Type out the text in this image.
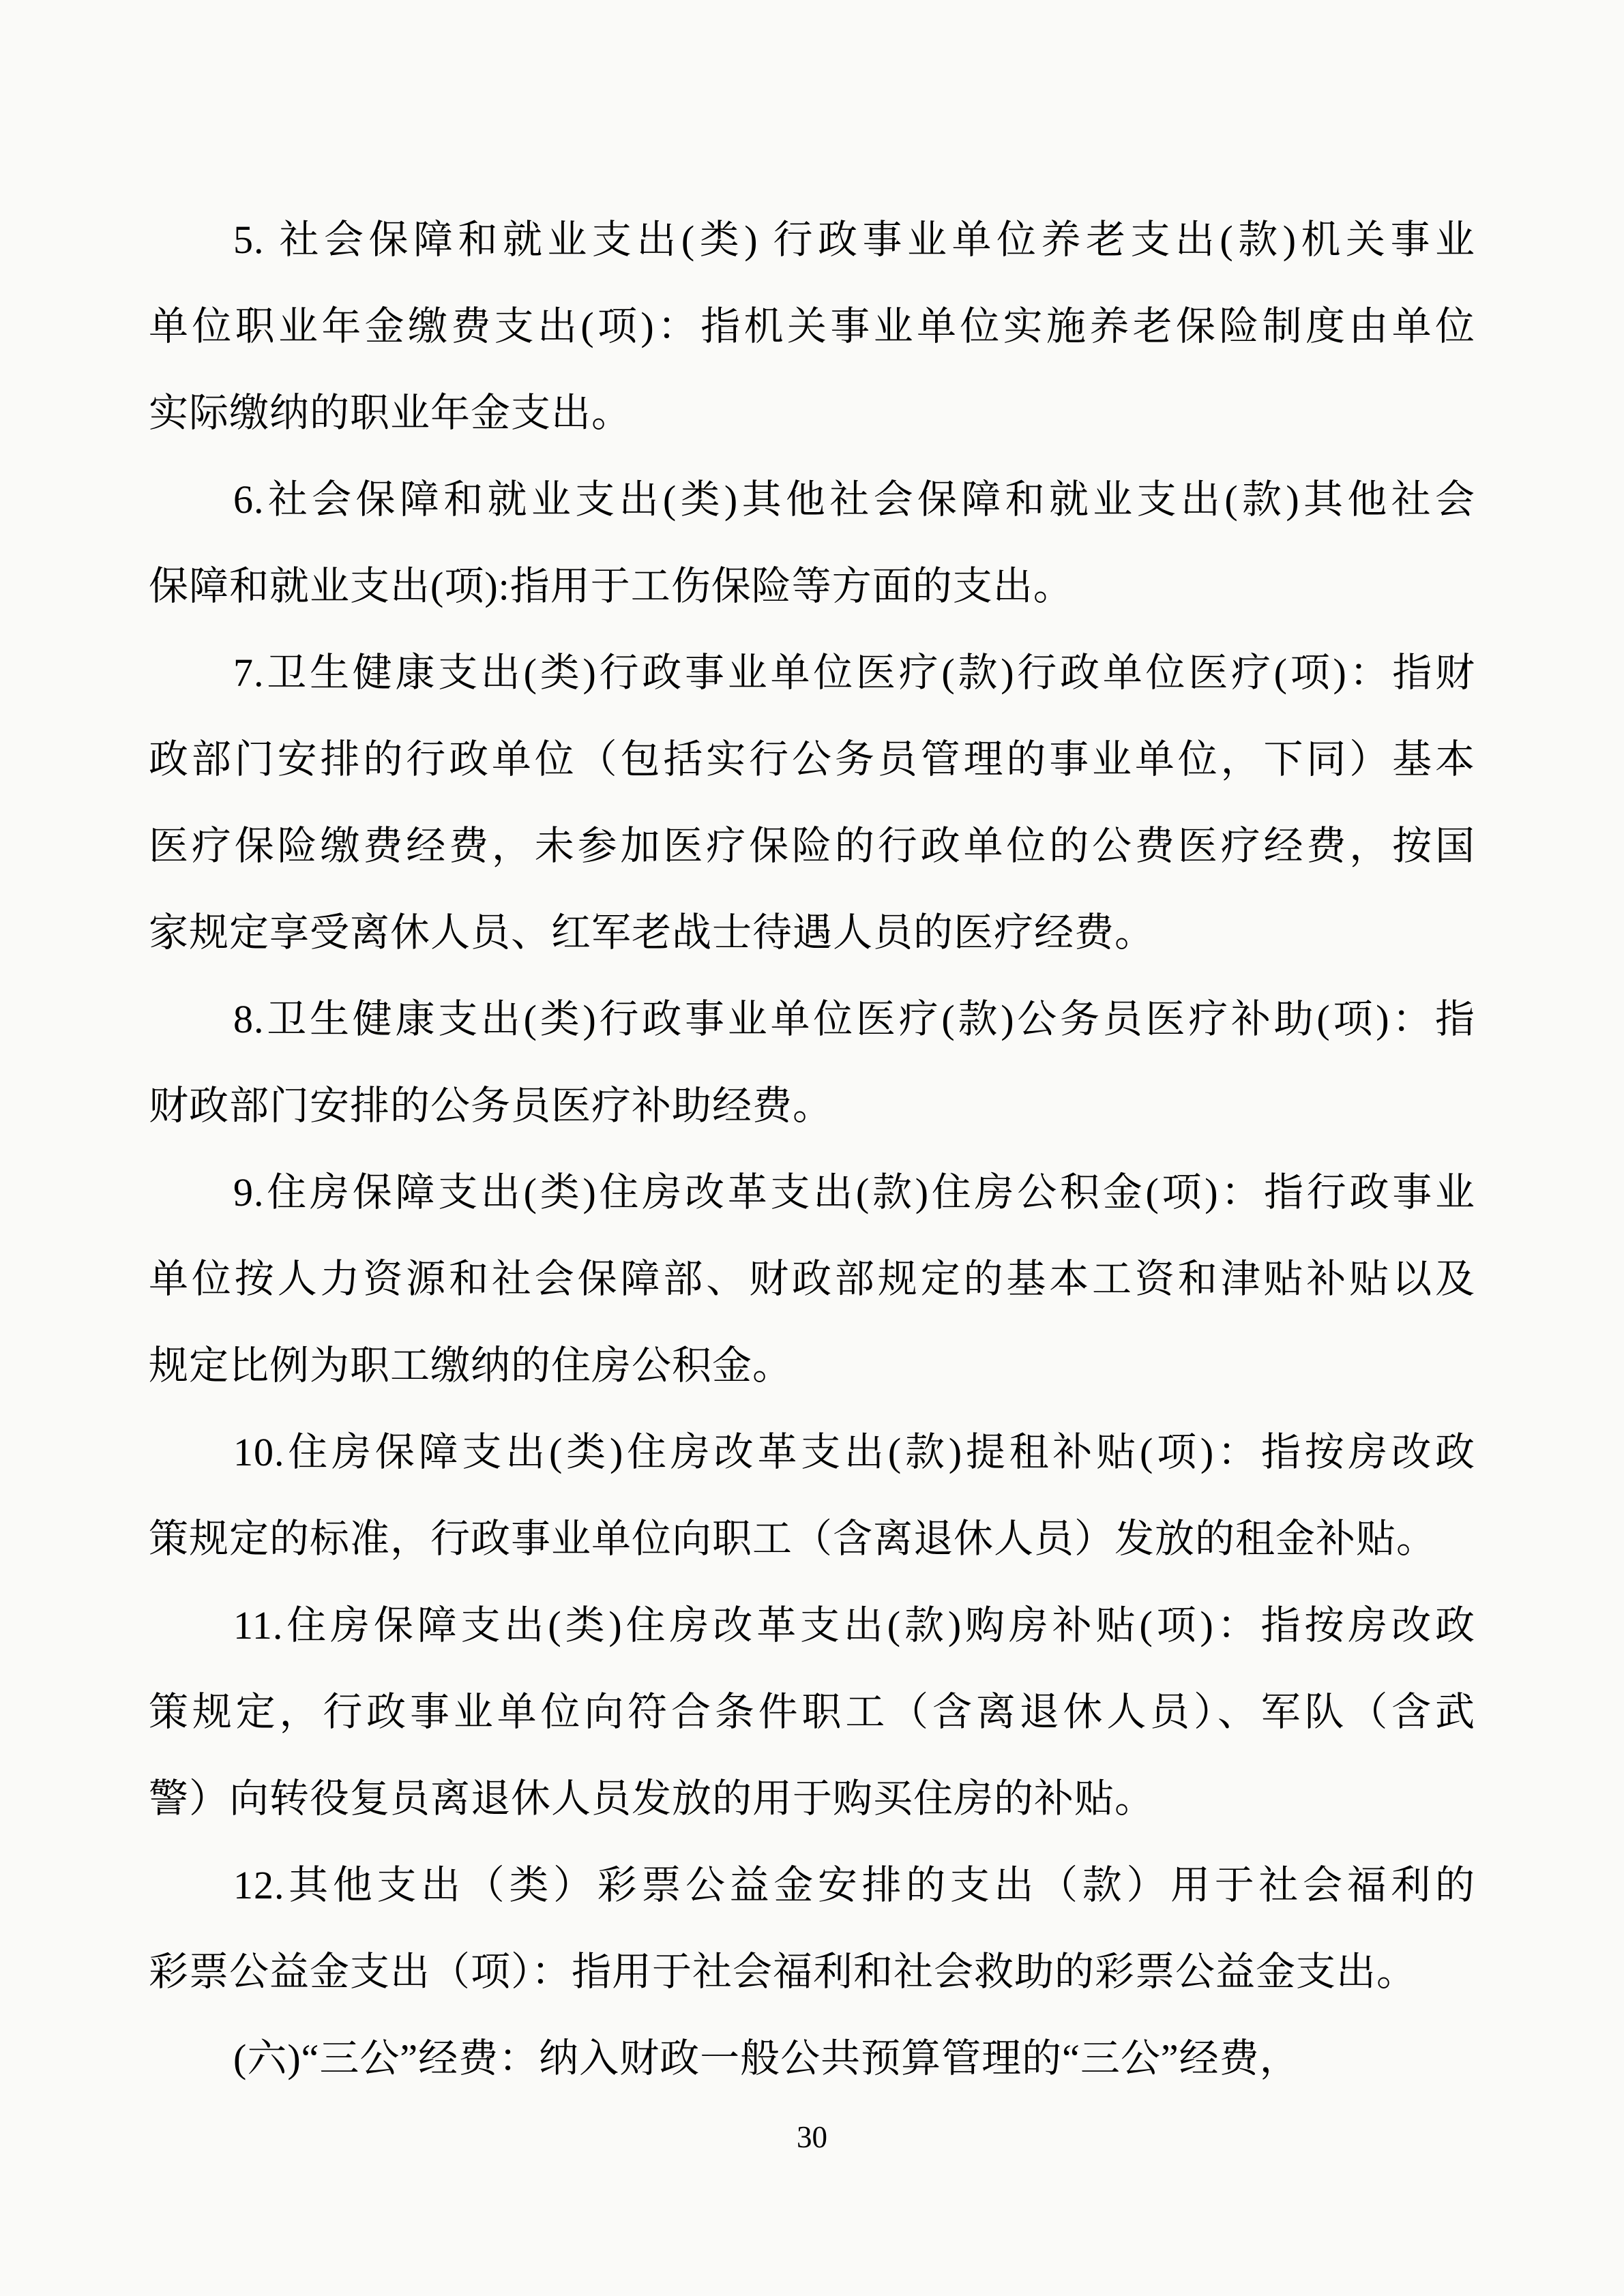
5. 社会保障和就业支出(类) 行政事业单位养老支出(款)机关事业
单位职业年金缴费支出(项)：指机关事业单位实施养老保险制度由单位
实际缴纳的职业年金支出。

6.社会保障和就业支出(类)其他社会保障和就业支出(款)其他社会
保障和就业支出(项):指用于工伤保险等方面的支出。

7.卫生健康支出(类)行政事业单位医疗(款)行政单位医疗(项)：指财
政部门安排的行政单位（包括实行公务员管理的事业单位，下同）基本
医疗保险缴费经费，未参加医疗保险的行政单位的公费医疗经费，按国
家规定享受离休人员、红军老战士待遇人员的医疗经费。

8.卫生健康支出(类)行政事业单位医疗(款)公务员医疗补助(项)：指
财政部门安排的公务员医疗补助经费。

9.住房保障支出(类)住房改革支出(款)住房公积金(项)：指行政事业
单位按人力资源和社会保障部、财政部规定的基本工资和津贴补贴以及
规定比例为职工缴纳的住房公积金。

10.住房保障支出(类)住房改革支出(款)提租补贴(项)：指按房改政
策规定的标准，行政事业单位向职工（含离退休人员）发放的租金补贴。

11.住房保障支出(类)住房改革支出(款)购房补贴(项)：指按房改政
策规定，行政事业单位向符合条件职工（含离退休人员）、军队（含武
警）向转役复员离退休人员发放的用于购买住房的补贴。

12.其他支出（类）彩票公益金安排的支出（款）用于社会福利的
彩票公益金支出（项）：指用于社会福利和社会救助的彩票公益金支出。

(六)“三公”经费：纳入财政一般公共预算管理的“三公”经费，

30
